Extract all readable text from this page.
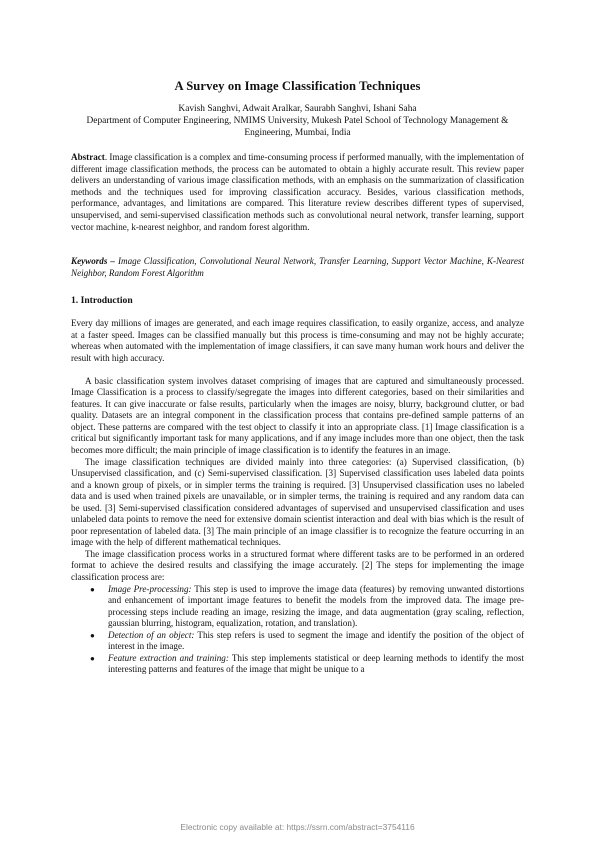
A Survey on Image Classification Techniques
Kavish Sanghvi, Adwait Aralkar, Saurabh Sanghvi, Ishani Saha
Department of Computer Engineering, NMIMS University, Mukesh Patel School of Technology Management & Engineering, Mumbai, India
Abstract. Image classification is a complex and time-consuming process if performed manually, with the implementation of different image classification methods, the process can be automated to obtain a highly accurate result. This review paper delivers an understanding of various image classification methods, with an emphasis on the summarization of classification methods and the techniques used for improving classification accuracy. Besides, various classification methods, performance, advantages, and limitations are compared. This literature review describes different types of supervised, unsupervised, and semi-supervised classification methods such as convolutional neural network, transfer learning, support vector machine, k-nearest neighbor, and random forest algorithm.
Keywords – Image Classification, Convolutional Neural Network, Transfer Learning, Support Vector Machine, K-Nearest Neighbor, Random Forest Algorithm
1. Introduction

Every day millions of images are generated, and each image requires classification, to easily organize, access, and analyze at a faster speed. Images can be classified manually but this process is time-consuming and may not be highly accurate; whereas when automated with the implementation of image classifiers, it can save many human work hours and deliver the result with high accuracy.

A basic classification system involves dataset comprising of images that are captured and simultaneously processed. Image Classification is a process to classify/segregate the images into different categories, based on their similarities and features. It can give inaccurate or false results, particularly when the images are noisy, blurry, background clutter, or bad quality. Datasets are an integral component in the classification process that contains pre-defined sample patterns of an object. These patterns are compared with the test object to classify it into an appropriate class. [1] Image classification is a critical but significantly important task for many applications, and if any image includes more than one object, then the task becomes more difficult; the main principle of image classification is to identify the features in an image.

The image classification techniques are divided mainly into three categories: (a) Supervised classification, (b) Unsupervised classification, and (c) Semi-supervised classification. [3] Supervised classification uses labeled data points and a known group of pixels, or in simpler terms the training is required. [3] Unsupervised classification uses no labeled data and is used when trained pixels are unavailable, or in simpler terms, the training is required and any random data can be used. [3] Semi-supervised classification considered advantages of supervised and unsupervised classification and uses unlabeled data points to remove the need for extensive domain scientist interaction and deal with bias which is the result of poor representation of labeled data. [3] The main principle of an image classifier is to recognize the feature occurring in an image with the help of different mathematical techniques.

The image classification process works in a structured format where different tasks are to be performed in an ordered format to achieve the desired results and classifying the image accurately. [2] The steps for implementing the image classification process are:

● Image Pre-processing: This step is used to improve the image data (features) by removing unwanted distortions and enhancement of important image features to benefit the models from the improved data. The image pre-processing steps include reading an image, resizing the image, and data augmentation (gray scaling, reflection, gaussian blurring, histogram, equalization, rotation, and translation).
● Detection of an object: This step refers is used to segment the image and identify the position of the object of interest in the image.
● Feature extraction and training: This step implements statistical or deep learning methods to identify the most interesting patterns and features of the image that might be unique to a
Electronic copy available at: https://ssrn.com/abstract=3754116
